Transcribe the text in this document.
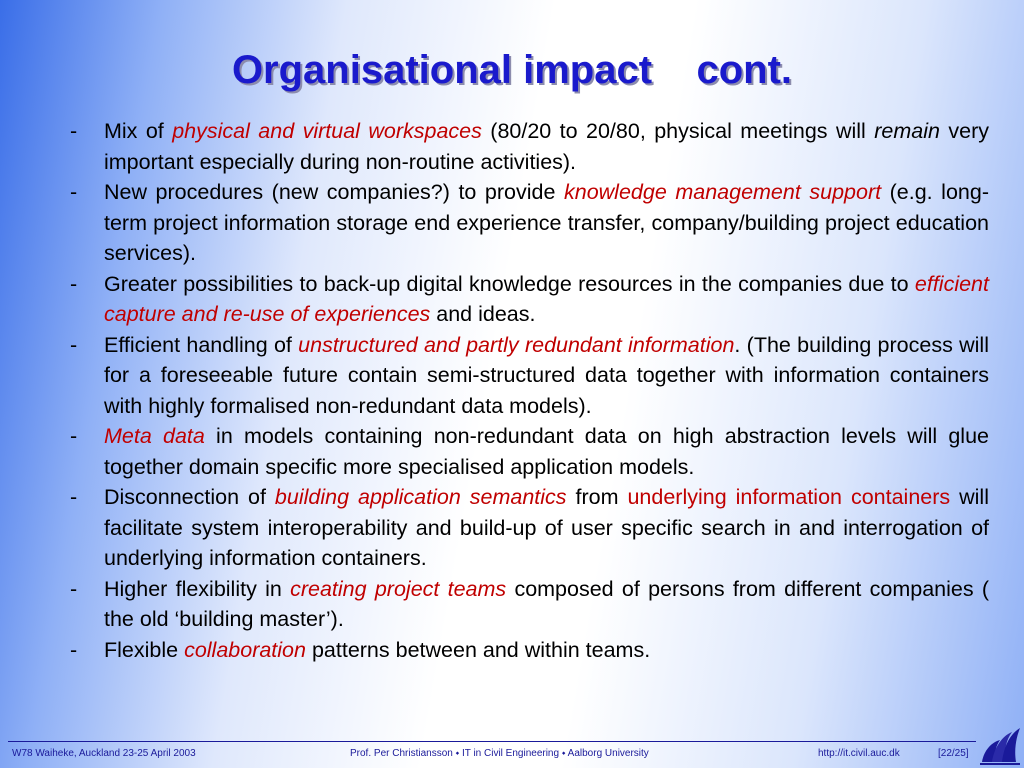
Organisational impact    cont.
- Mix of physical and virtual workspaces (80/20 to 20/80, physical meetings will remain very important especially during non-routine activities).
- New procedures (new companies?) to provide knowledge management support (e.g. long-term project information storage end experience transfer, company/building project education services).
- Greater possibilities to back-up digital knowledge resources in the companies due to efficient capture and re-use of experiences and ideas.
- Efficient handling of unstructured and partly redundant information. (The building process will for a foreseeable future contain semi-structured data together with information containers with highly formalised non-redundant data models).
- Meta data in models containing non-redundant data on high abstraction levels will glue together domain specific more specialised application models.
- Disconnection of building application semantics from underlying information containers will facilitate system interoperability and build-up of user specific search in and interrogation of underlying information containers.
- Higher flexibility in creating project teams composed of persons from different companies ( the old ‘building master’).
- Flexible collaboration patterns between and within teams.
W78 Waiheke, Auckland 23-25 April 2003	Prof. Per Christiansson ⬩ IT in Civil Engineering ⬩ Aalborg University	http://it.civil.auc.dk	[22/25]
